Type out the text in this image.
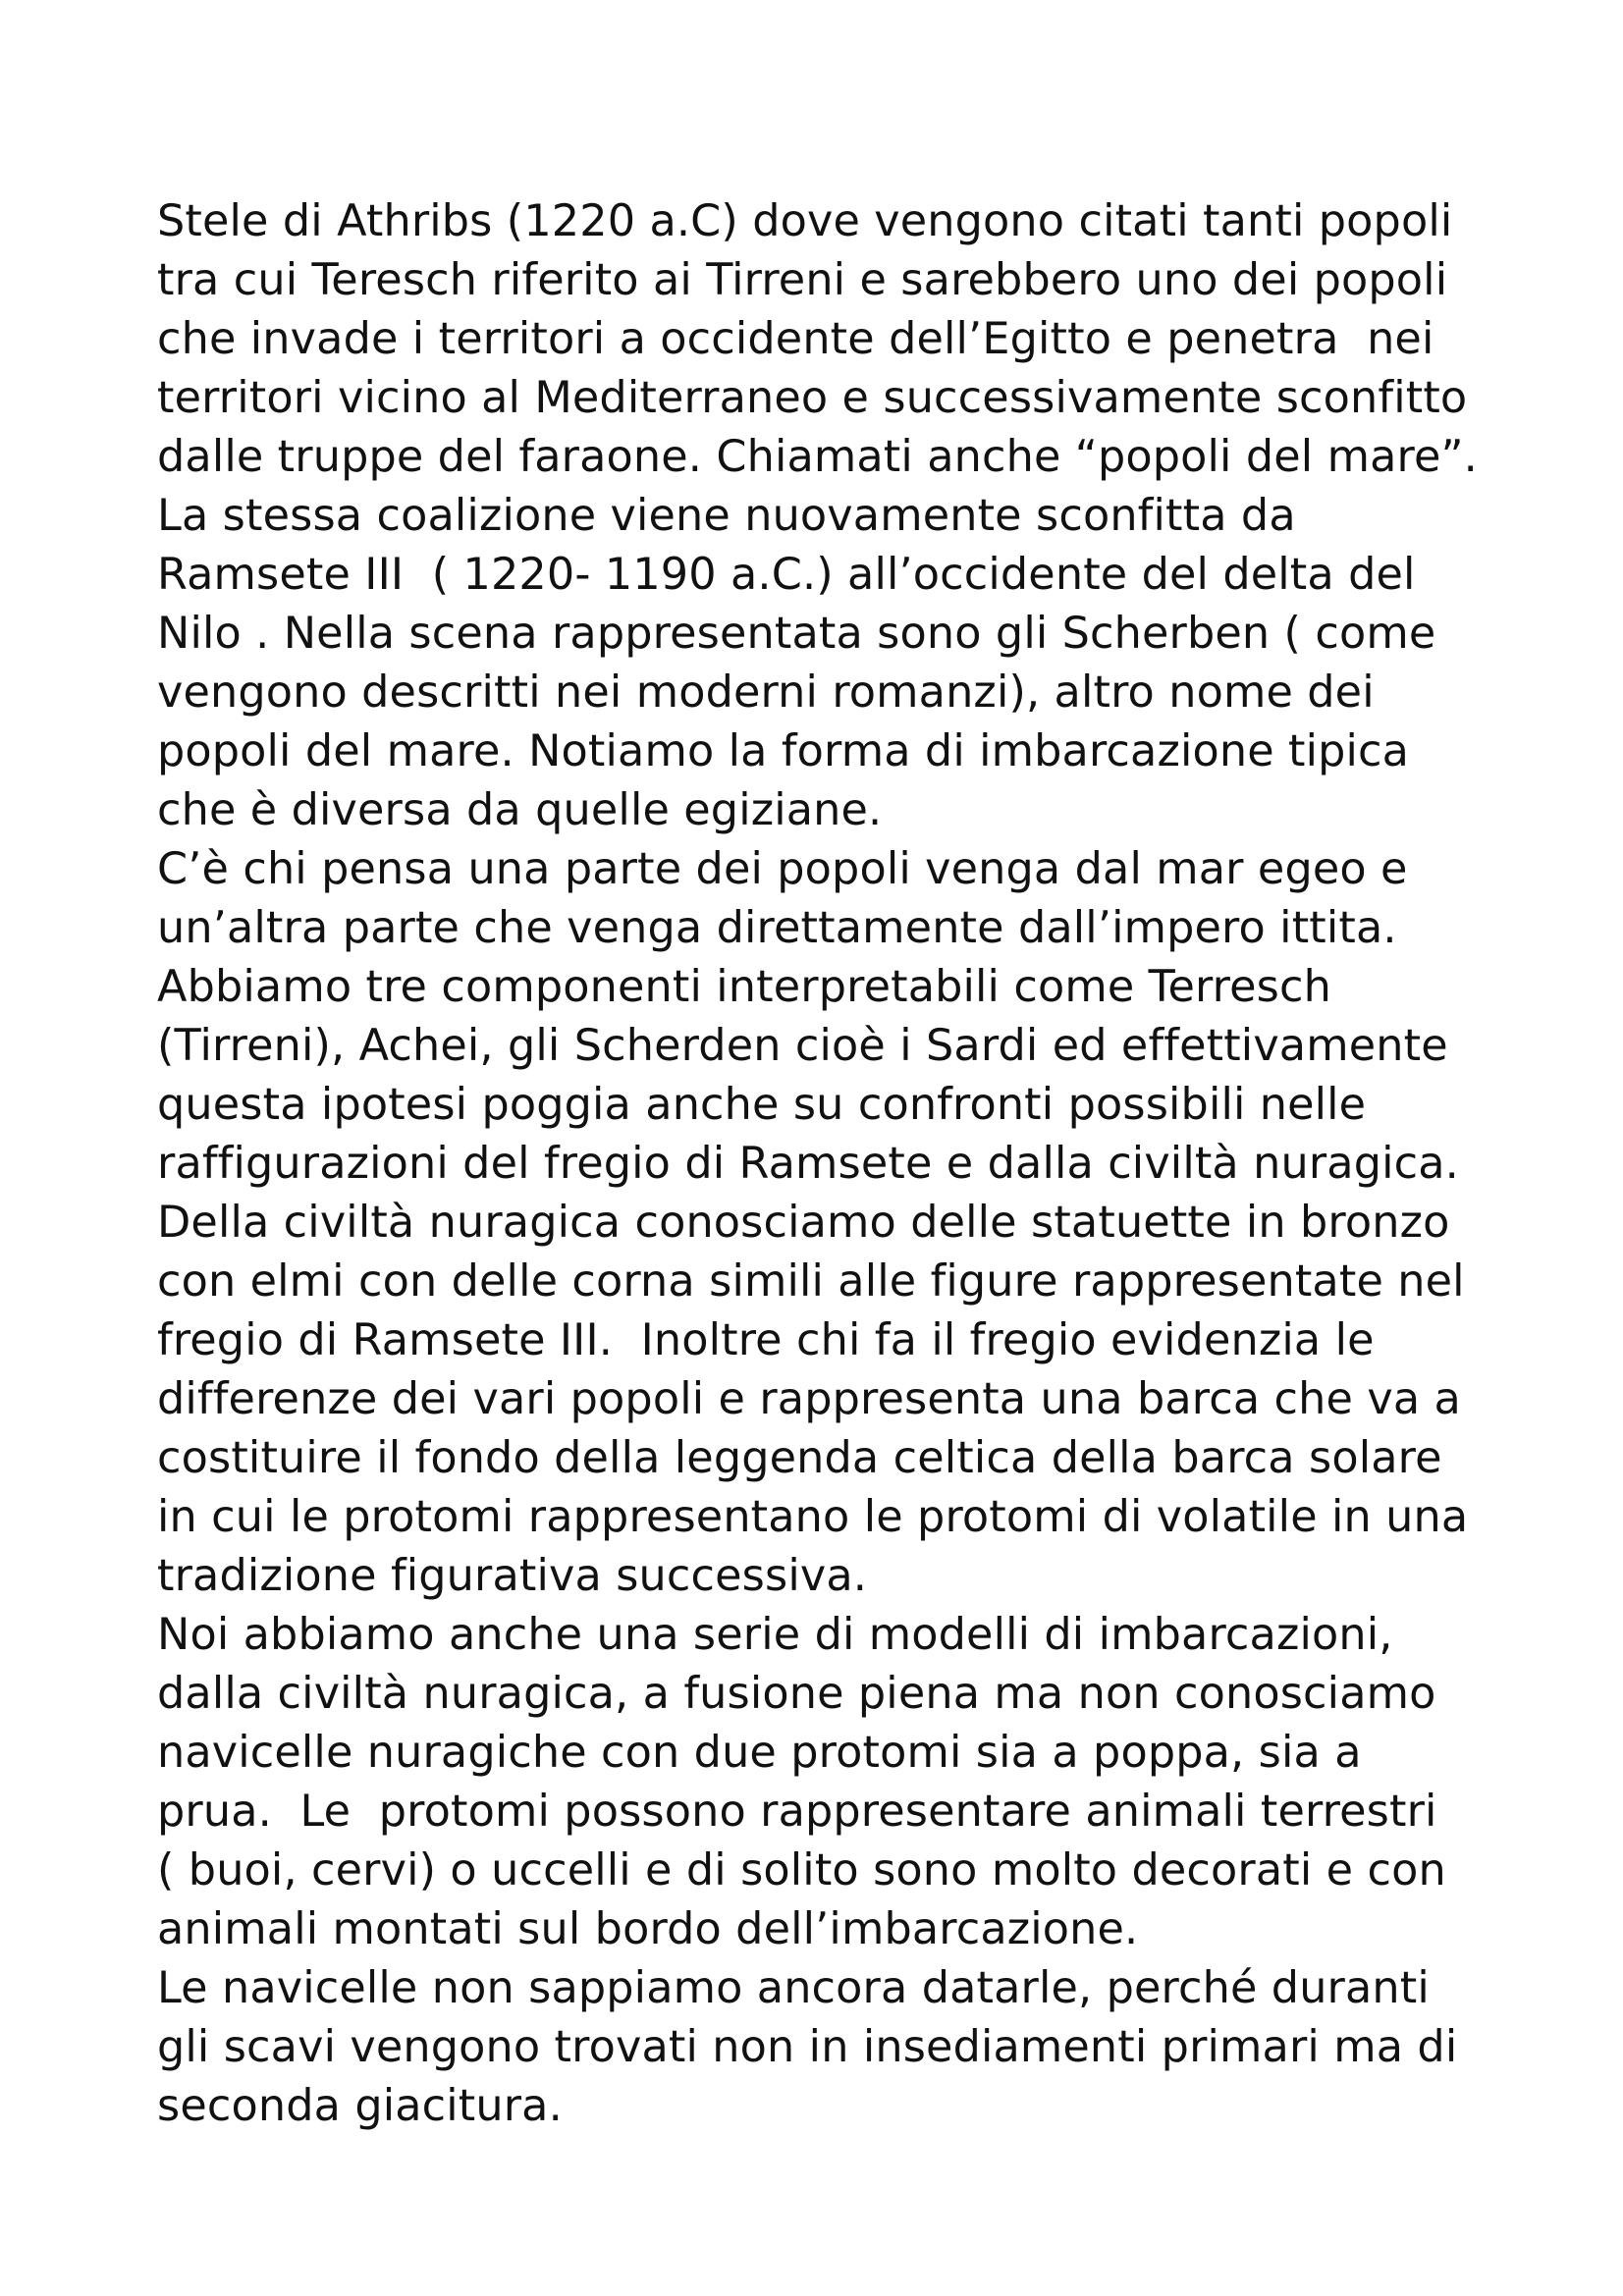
Stele di Athribs (1220 a.C) dove vengono citati tanti popoli
tra cui Teresch riferito ai Tirreni e sarebbero uno dei popoli
che invade i territori a occidente dell’Egitto e penetra  nei
territori vicino al Mediterraneo e successivamente sconfitto
dalle truppe del faraone. Chiamati anche “popoli del mare”.
La stessa coalizione viene nuovamente sconfitta da
Ramsete III  ( 1220- 1190 a.C.) all’occidente del delta del
Nilo . Nella scena rappresentata sono gli Scherben ( come
vengono descritti nei moderni romanzi), altro nome dei
popoli del mare. Notiamo la forma di imbarcazione tipica
che è diversa da quelle egiziane.
C’è chi pensa una parte dei popoli venga dal mar egeo e
un’altra parte che venga direttamente dall’impero ittita.
Abbiamo tre componenti interpretabili come Terresch
(Tirreni), Achei, gli Scherden cioè i Sardi ed effettivamente
questa ipotesi poggia anche su confronti possibili nelle
raffigurazioni del fregio di Ramsete e dalla civiltà nuragica.
Della civiltà nuragica conosciamo delle statuette in bronzo
con elmi con delle corna simili alle figure rappresentate nel
fregio di Ramsete III.  Inoltre chi fa il fregio evidenzia le
differenze dei vari popoli e rappresenta una barca che va a
costituire il fondo della leggenda celtica della barca solare
in cui le protomi rappresentano le protomi di volatile in una
tradizione figurativa successiva.
Noi abbiamo anche una serie di modelli di imbarcazioni,
dalla civiltà nuragica, a fusione piena ma non conosciamo
navicelle nuragiche con due protomi sia a poppa, sia a
prua.  Le  protomi possono rappresentare animali terrestri
( buoi, cervi) o uccelli e di solito sono molto decorati e con
animali montati sul bordo dell’imbarcazione.
Le navicelle non sappiamo ancora datarle, perché duranti
gli scavi vengono trovati non in insediamenti primari ma di
seconda giacitura.
